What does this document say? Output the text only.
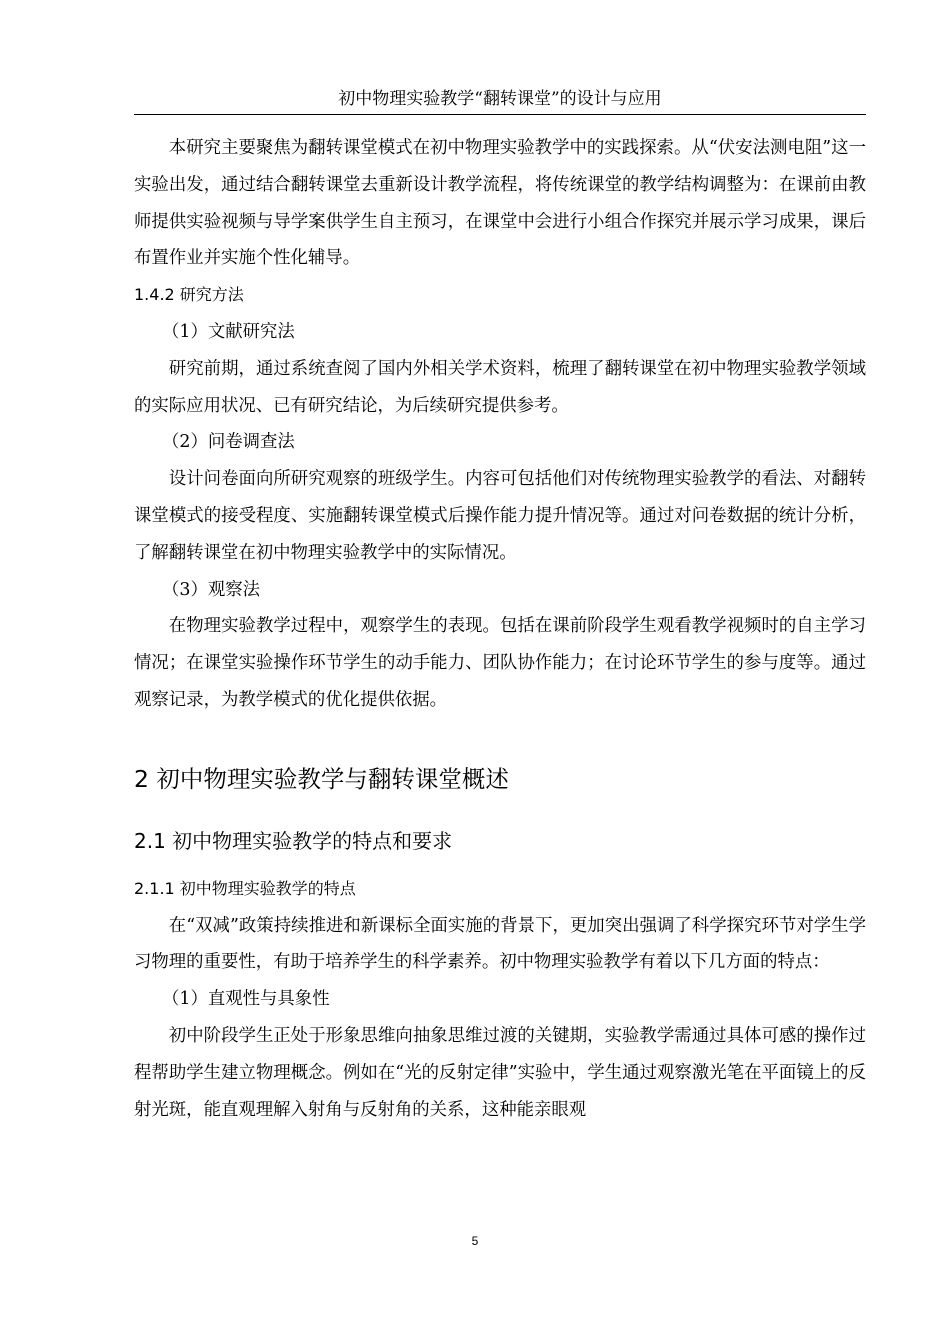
初中物理实验教学“翻转课堂”的设计与应用

本研究主要聚焦为翻转课堂模式在初中物理实验教学中的实践探索。从“伏安法测电阻”这一实验出发，通过结合翻转课堂去重新设计教学流程，将传统课堂的教学结构调整为：在课前由教师提供实验视频与导学案供学生自主预习，在课堂中会进行小组合作探究并展示学习成果，课后布置作业并实施个性化辅导。

1.4.2 研究方法

（1）文献研究法

研究前期，通过系统查阅了国内外相关学术资料，梳理了翻转课堂在初中物理实验教学领域的实际应用状况、已有研究结论，为后续研究提供参考。

（2）问卷调查法

设计问卷面向所研究观察的班级学生。内容可包括他们对传统物理实验教学的看法、对翻转课堂模式的接受程度、实施翻转课堂模式后操作能力提升情况等。通过对问卷数据的统计分析，了解翻转课堂在初中物理实验教学中的实际情况。

（3）观察法

在物理实验教学过程中，观察学生的表现。包括在课前阶段学生观看教学视频时的自主学习情况；在课堂实验操作环节学生的动手能力、团队协作能力；在讨论环节学生的参与度等。通过观察记录，为教学模式的优化提供依据。

2 初中物理实验教学与翻转课堂概述
2.1 初中物理实验教学的特点和要求

2.1.1 初中物理实验教学的特点

在“双减”政策持续推进和新课标全面实施的背景下，更加突出强调了科学探究环节对学生学习物理的重要性，有助于培养学生的科学素养。初中物理实验教学有着以下几方面的特点：

（1）直观性与具象性

初中阶段学生正处于形象思维向抽象思维过渡的关键期，实验教学需通过具体可感的操作过程帮助学生建立物理概念。例如在“光的反射定律”实验中，学生通过观察激光笔在平面镜上的反射光斑，能直观理解入射角与反射角的关系，这种能亲眼观

5
